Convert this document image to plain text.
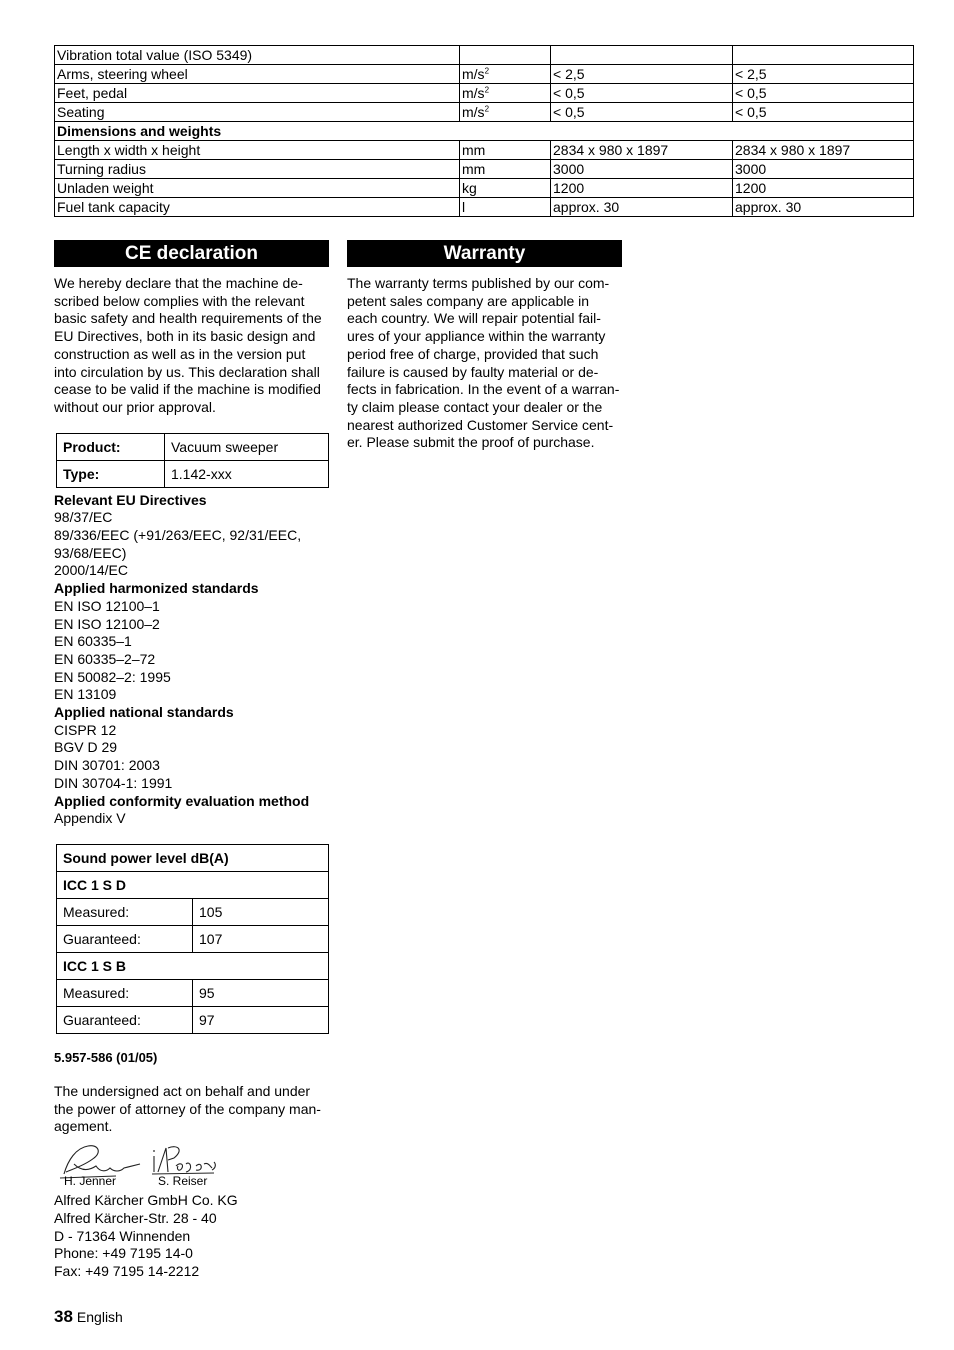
Vibration total value (ISO 5349)			
Arms, steering wheel	$m/s^2$	< 2,5	< 2,5
Feet, pedal	$m/s^2$	< 0,5	< 0,5
Seating	$m/s^2$	< 0,5	< 0,5
Dimensions and weights			
Length x width x height	mm	2834 x 980 x 1897	2834 x 980 x 1897
Turning radius	mm	3000	3000
Unladen weight	kg	1200	1200
Fuel tank capacity	l	approx. 30	approx. 30
CE declaration
We hereby declare that the machine de-
scribed below complies with the relevant
basic safety and health requirements of the
EU Directives, both in its basic design and
construction as well as in the version put
into circulation by us. This declaration shall
cease to be valid if the machine is modified
without our prior approval.
Product:	Vacuum sweeper
Type:	1.142-xxx
Relevant EU Directives
98/37/EC
89/336/EEC (+91/263/EEC, 92/31/EEC,
93/68/EEC)
2000/14/EC
Applied harmonized standards
EN ISO 12100–1
EN ISO 12100–2
EN 60335–1
EN 60335–2–72
EN 50082–2: 1995
EN 13109
Applied national standards
CISPR 12
BGV D 29
DIN 30701: 2003
DIN 30704-1: 1991
Applied conformity evaluation method
Appendix V
Sound power level dB(A)	
ICC 1 S D	
Measured:	105
Guaranteed:	107
ICC 1 S B	
Measured:	95
Guaranteed:	97
5.957-586 (01/05)
The undersigned act on behalf and under
the power of attorney of the company man-
agement.
H. Jenner	S. Reiser
Alfred Kärcher GmbH Co. KG
Alfred Kärcher-Str. 28 - 40
D - 71364 Winnenden
Phone: +49 7195 14-0
Fax: +49 7195 14-2212
Warranty
The warranty terms published by our com-
petent sales company are applicable in
each country. We will repair potential fail-
ures of your appliance within the warranty
period free of charge, provided that such
failure is caused by faulty material or de-
fects in fabrication. In the event of a warran-
ty claim please contact your dealer or the
nearest authorized Customer Service cent-
er. Please submit the proof of purchase.
38 English
